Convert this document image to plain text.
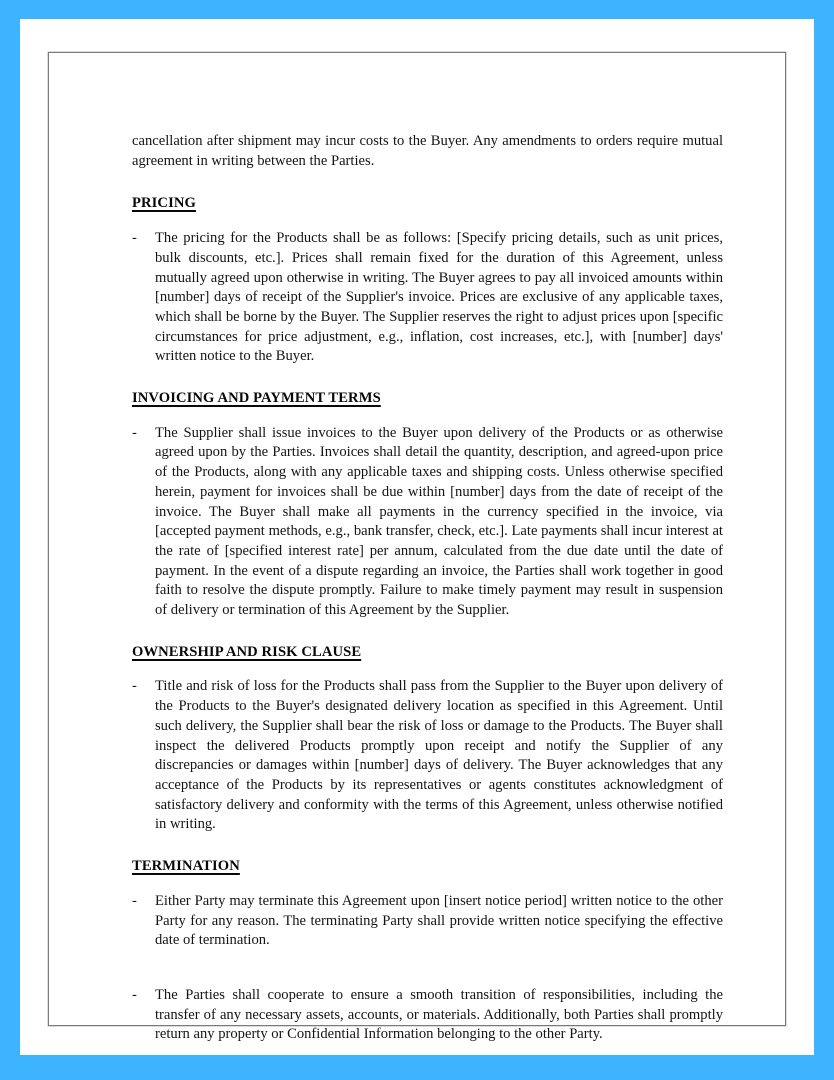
cancellation after shipment may incur costs to the Buyer. Any amendments to orders require mutual agreement in writing between the Parties.

PRICING
- The pricing for the Products shall be as follows: [Specify pricing details, such as unit prices, bulk discounts, etc.]. Prices shall remain fixed for the duration of this Agreement, unless mutually agreed upon otherwise in writing. The Buyer agrees to pay all invoiced amounts within [number] days of receipt of the Supplier's invoice. Prices are exclusive of any applicable taxes, which shall be borne by the Buyer. The Supplier reserves the right to adjust prices upon [specific circumstances for price adjustment, e.g., inflation, cost increases, etc.], with [number] days' written notice to the Buyer.
INVOICING AND PAYMENT TERMS
- The Supplier shall issue invoices to the Buyer upon delivery of the Products or as otherwise agreed upon by the Parties. Invoices shall detail the quantity, description, and agreed-upon price of the Products, along with any applicable taxes and shipping costs. Unless otherwise specified herein, payment for invoices shall be due within [number] days from the date of receipt of the invoice. The Buyer shall make all payments in the currency specified in the invoice, via [accepted payment methods, e.g., bank transfer, check, etc.]. Late payments shall incur interest at the rate of [specified interest rate] per annum, calculated from the due date until the date of payment. In the event of a dispute regarding an invoice, the Parties shall work together in good faith to resolve the dispute promptly. Failure to make timely payment may result in suspension of delivery or termination of this Agreement by the Supplier.
OWNERSHIP AND RISK CLAUSE
- Title and risk of loss for the Products shall pass from the Supplier to the Buyer upon delivery of the Products to the Buyer's designated delivery location as specified in this Agreement. Until such delivery, the Supplier shall bear the risk of loss or damage to the Products. The Buyer shall inspect the delivered Products promptly upon receipt and notify the Supplier of any discrepancies or damages within [number] days of delivery. The Buyer acknowledges that any acceptance of the Products by its representatives or agents constitutes acknowledgment of satisfactory delivery and conformity with the terms of this Agreement, unless otherwise notified in writing.
TERMINATION
- Either Party may terminate this Agreement upon [insert notice period] written notice to the other Party for any reason. The terminating Party shall provide written notice specifying the effective date of termination.
- The Parties shall cooperate to ensure a smooth transition of responsibilities, including the transfer of any necessary assets, accounts, or materials. Additionally, both Parties shall promptly return any property or Confidential Information belonging to the other Party.
